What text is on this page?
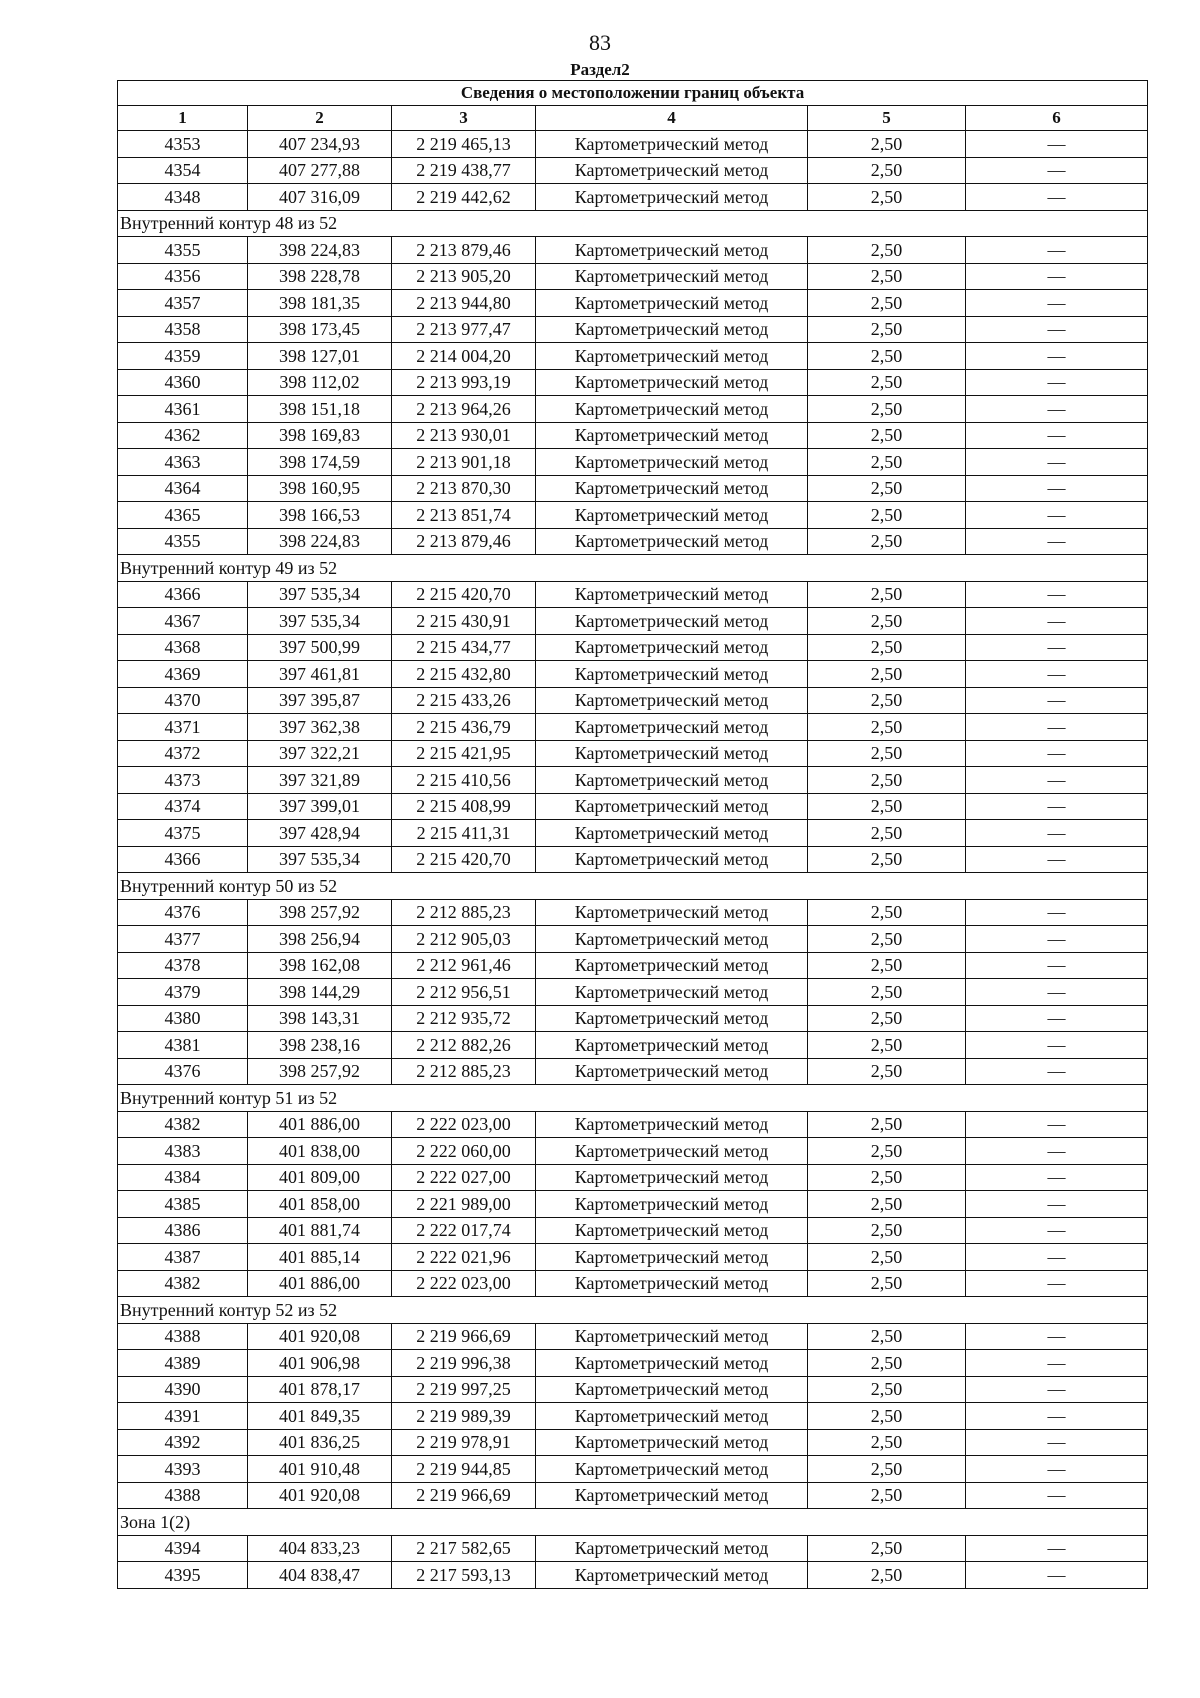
83
Раздел2
Сведения о местоположении границ объекта					
1	2	3	4	5	6
4353	407 234,93	2 219 465,13	Картометрический метод	2,50	—
4354	407 277,88	2 219 438,77	Картометрический метод	2,50	—
4348	407 316,09	2 219 442,62	Картометрический метод	2,50	—
Внутренний контур 48 из 52					
4355	398 224,83	2 213 879,46	Картометрический метод	2,50	—
4356	398 228,78	2 213 905,20	Картометрический метод	2,50	—
4357	398 181,35	2 213 944,80	Картометрический метод	2,50	—
4358	398 173,45	2 213 977,47	Картометрический метод	2,50	—
4359	398 127,01	2 214 004,20	Картометрический метод	2,50	—
4360	398 112,02	2 213 993,19	Картометрический метод	2,50	—
4361	398 151,18	2 213 964,26	Картометрический метод	2,50	—
4362	398 169,83	2 213 930,01	Картометрический метод	2,50	—
4363	398 174,59	2 213 901,18	Картометрический метод	2,50	—
4364	398 160,95	2 213 870,30	Картометрический метод	2,50	—
4365	398 166,53	2 213 851,74	Картометрический метод	2,50	—
4355	398 224,83	2 213 879,46	Картометрический метод	2,50	—
Внутренний контур 49 из 52					
4366	397 535,34	2 215 420,70	Картометрический метод	2,50	—
4367	397 535,34	2 215 430,91	Картометрический метод	2,50	—
4368	397 500,99	2 215 434,77	Картометрический метод	2,50	—
4369	397 461,81	2 215 432,80	Картометрический метод	2,50	—
4370	397 395,87	2 215 433,26	Картометрический метод	2,50	—
4371	397 362,38	2 215 436,79	Картометрический метод	2,50	—
4372	397 322,21	2 215 421,95	Картометрический метод	2,50	—
4373	397 321,89	2 215 410,56	Картометрический метод	2,50	—
4374	397 399,01	2 215 408,99	Картометрический метод	2,50	—
4375	397 428,94	2 215 411,31	Картометрический метод	2,50	—
4366	397 535,34	2 215 420,70	Картометрический метод	2,50	—
Внутренний контур 50 из 52					
4376	398 257,92	2 212 885,23	Картометрический метод	2,50	—
4377	398 256,94	2 212 905,03	Картометрический метод	2,50	—
4378	398 162,08	2 212 961,46	Картометрический метод	2,50	—
4379	398 144,29	2 212 956,51	Картометрический метод	2,50	—
4380	398 143,31	2 212 935,72	Картометрический метод	2,50	—
4381	398 238,16	2 212 882,26	Картометрический метод	2,50	—
4376	398 257,92	2 212 885,23	Картометрический метод	2,50	—
Внутренний контур 51 из 52					
4382	401 886,00	2 222 023,00	Картометрический метод	2,50	—
4383	401 838,00	2 222 060,00	Картометрический метод	2,50	—
4384	401 809,00	2 222 027,00	Картометрический метод	2,50	—
4385	401 858,00	2 221 989,00	Картометрический метод	2,50	—
4386	401 881,74	2 222 017,74	Картометрический метод	2,50	—
4387	401 885,14	2 222 021,96	Картометрический метод	2,50	—
4382	401 886,00	2 222 023,00	Картометрический метод	2,50	—
Внутренний контур 52 из 52					
4388	401 920,08	2 219 966,69	Картометрический метод	2,50	—
4389	401 906,98	2 219 996,38	Картометрический метод	2,50	—
4390	401 878,17	2 219 997,25	Картометрический метод	2,50	—
4391	401 849,35	2 219 989,39	Картометрический метод	2,50	—
4392	401 836,25	2 219 978,91	Картометрический метод	2,50	—
4393	401 910,48	2 219 944,85	Картометрический метод	2,50	—
4388	401 920,08	2 219 966,69	Картометрический метод	2,50	—
Зона 1(2)					
4394	404 833,23	2 217 582,65	Картометрический метод	2,50	—
4395	404 838,47	2 217 593,13	Картометрический метод	2,50	—
